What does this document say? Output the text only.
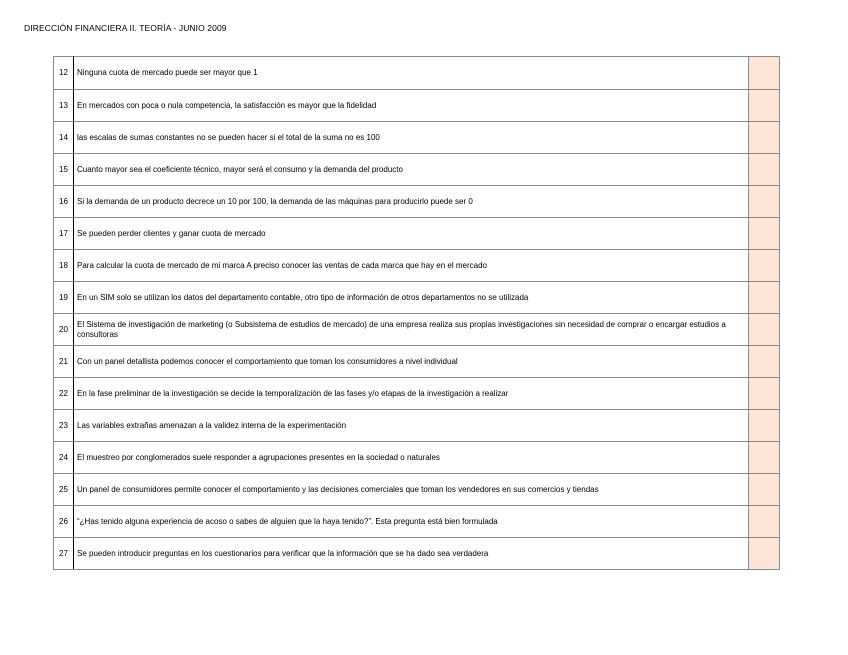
DIRECCIÓN FINANCIERA II. TEORÍA - JUNIO 2009
12	Ninguna cuota de mercado puede ser mayor que 1	
13	En mercados con poca o nula competencia, la satisfacción es mayor que la fidelidad	
14	las escalas de sumas constantes no se pueden hacer si el total de la suma no es 100	
15	Cuanto mayor sea el coeficiente técnico, mayor será el consumo y la demanda del producto	
16	Si la demanda de un producto decrece un 10 por 100, la demanda de las máquinas para producirlo puede ser 0	
17	Se pueden perder clientes y ganar cuota de mercado	
18	Para calcular la cuota de mercado de mi marca A preciso conocer las ventas de cada marca que hay en el mercado	
19	En un SIM solo se utilizan los datos del departamento contable, otro tipo de información de otros departamentos no se utilizada	
20	El Sistema de investigación de marketing (o Subsistema de estudios de mercado) de una empresa realiza sus propias investigaciones sin necesidad de comprar o encargar estudios a consultoras	
21	Con un panel detallista podemos conocer el comportamiento que toman los consumidores a nivel individual	
22	En la fase preliminar de la investigación se decide la temporalización de las fases y/o etapas de la investigación a realizar	
23	Las variables extrañas amenazan a la validez interna de la experimentación	
24	El muestreo por conglomerados suele responder a agrupaciones presentes en la sociedad o naturales	
25	Un panel de consumidores permite conocer el comportamiento y las decisiones comerciales que toman los vendedores en sus comercios y tiendas	
26	“¿Has tenido alguna experiencia de acoso o sabes de alguien que la haya tenido?”. Esta pregunta está bien formulada	
27	Se pueden introducir preguntas en los cuestionarios para verificar que la información que se ha dado sea verdadera	
